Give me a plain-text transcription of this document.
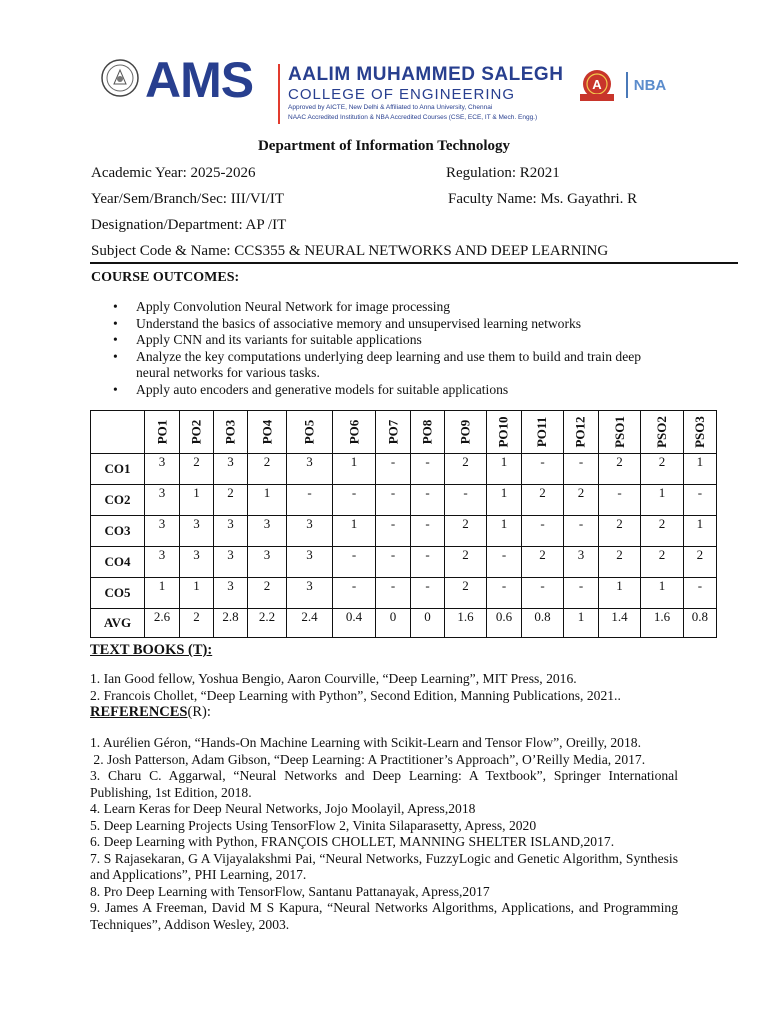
AMS AALIM MUHAMMED SALEGH
COLLEGE OF ENGINEERING
Approved by AICTE, New Delhi & Affiliated to Anna University, Chennai
NAAC Accredited Institution & NBA Accredited Courses (CSE, ECE, IT & Mech. Engg.)
A NBA
Department of Information Technology
Academic Year: 2025-2026	Regulation: R2021
Year/Sem/Branch/Sec: III/VI/IT	Faculty Name: Ms. Gayathri. R
Designation/Department: AP /IT
Subject Code & Name: CCS355 & NEURAL NETWORKS AND DEEP LEARNING
COURSE OUTCOMES:
• Apply Convolution Neural Network for image processing
• Understand the basics of associative memory and unsupervised learning networks
• Apply CNN and its variants for suitable applications
• Analyze the key computations underlying deep learning and use them to build and train deep neural networks for various tasks.
• Apply auto encoders and generative models for suitable applications
	PO1	PO2	PO3	PO4	PO5	PO6	PO7	PO8	PO9	PO10	PO11	PO12	PSO1	PSO2	PSO3
CO1	3	2	3	2	3	1	-	-	2	1	-	-	2	2	1
CO2	3	1	2	1	-	-	-	-	-	1	2	2	-	1	-
CO3	3	3	3	3	3	1	-	-	2	1	-	-	2	2	1
CO4	3	3	3	3	3	-	-	-	2	-	2	3	2	2	2
CO5	1	1	3	2	3	-	-	-	2	-	-	-	1	1	-
AVG	2.6	2	2.8	2.2	2.4	0.4	0	0	1.6	0.6	0.8	1	1.4	1.6	0.8
TEXT BOOKS (T):

1. Ian Good fellow, Yoshua Bengio, Aaron Courville, “Deep Learning”, MIT Press, 2016.

2. Francois Chollet, “Deep Learning with Python”, Second Edition, Manning Publications, 2021..

REFERENCES(R):

1. Aurélien Géron, “Hands-On Machine Learning with Scikit-Learn and Tensor Flow”, Oreilly, 2018.

2. Josh Patterson, Adam Gibson, “Deep Learning: A Practitioner’s Approach”, O’Reilly Media, 2017.

3. Charu C. Aggarwal, “Neural Networks and Deep Learning: A Textbook”, Springer International Publishing, 1st Edition, 2018.

4. Learn Keras for Deep Neural Networks, Jojo Moolayil, Apress,2018

5. Deep Learning Projects Using TensorFlow 2, Vinita Silaparasetty, Apress, 2020

6. Deep Learning with Python, FRANÇOIS CHOLLET, MANNING SHELTER ISLAND,2017.

7. S Rajasekaran, G A Vijayalakshmi Pai, “Neural Networks, FuzzyLogic and Genetic Algorithm, Synthesis and Applications”, PHI Learning, 2017.

8. Pro Deep Learning with TensorFlow, Santanu Pattanayak, Apress,2017

9. James A Freeman, David M S Kapura, “Neural Networks Algorithms, Applications, and Programming Techniques”, Addison Wesley, 2003.
